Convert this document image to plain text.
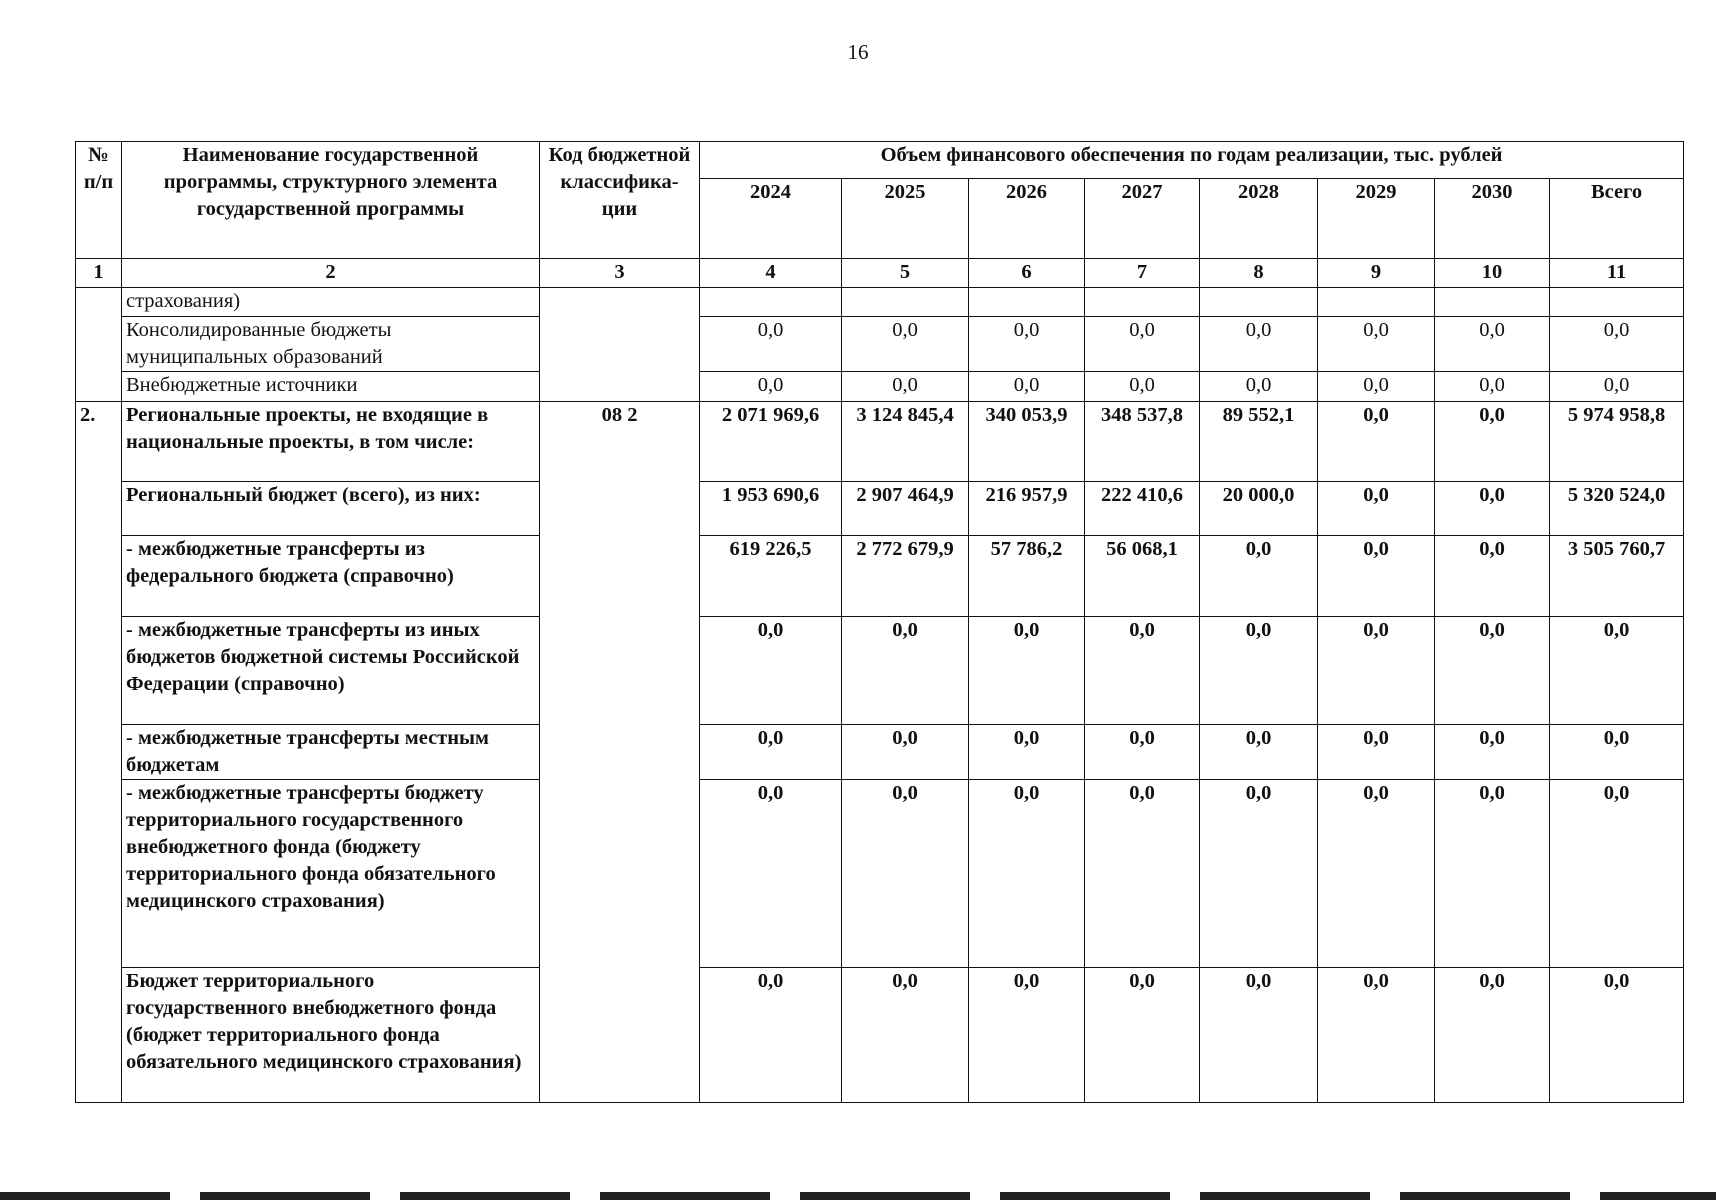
16
№ п/п	Наименование государственной программы, структурного элемента государственной программы	Код бюджетной классифика-ции	Объем финансового обеспечения по годам реализации, тыс. рублей							
			2024	2025	2026	2027	2028	2029	2030	Всего
1	2	3	4	5	6	7	8	9	10	11
	страхования)									
	Консолидированные бюджеты муниципальных образований		0,0	0,0	0,0	0,0	0,0	0,0	0,0	0,0
	Внебюджетные источники		0,0	0,0	0,0	0,0	0,0	0,0	0,0	0,0
2.	Региональные проекты, не входящие в национальные проекты, в том числе:	08 2	2 071 969,6	3 124 845,4	340 053,9	348 537,8	89 552,1	0,0	0,0	5 974 958,8
	Региональный бюджет (всего), из них:		1 953 690,6	2 907 464,9	216 957,9	222 410,6	20 000,0	0,0	0,0	5 320 524,0
	- межбюджетные трансферты из федерального бюджета (справочно)		619 226,5	2 772 679,9	57 786,2	56 068,1	0,0	0,0	0,0	3 505 760,7
	- межбюджетные трансферты из иных бюджетов бюджетной системы Российской Федерации (справочно)		0,0	0,0	0,0	0,0	0,0	0,0	0,0	0,0
	- межбюджетные трансферты местным бюджетам		0,0	0,0	0,0	0,0	0,0	0,0	0,0	0,0
	- межбюджетные трансферты бюджету территориального государственного внебюджетного фонда (бюджету территориального фонда обязательного медицинского страхования)		0,0	0,0	0,0	0,0	0,0	0,0	0,0	0,0
	Бюджет территориального государственного внебюджетного фонда (бюджет территориального фонда обязательного медицинского страхования)		0,0	0,0	0,0	0,0	0,0	0,0	0,0	0,0
